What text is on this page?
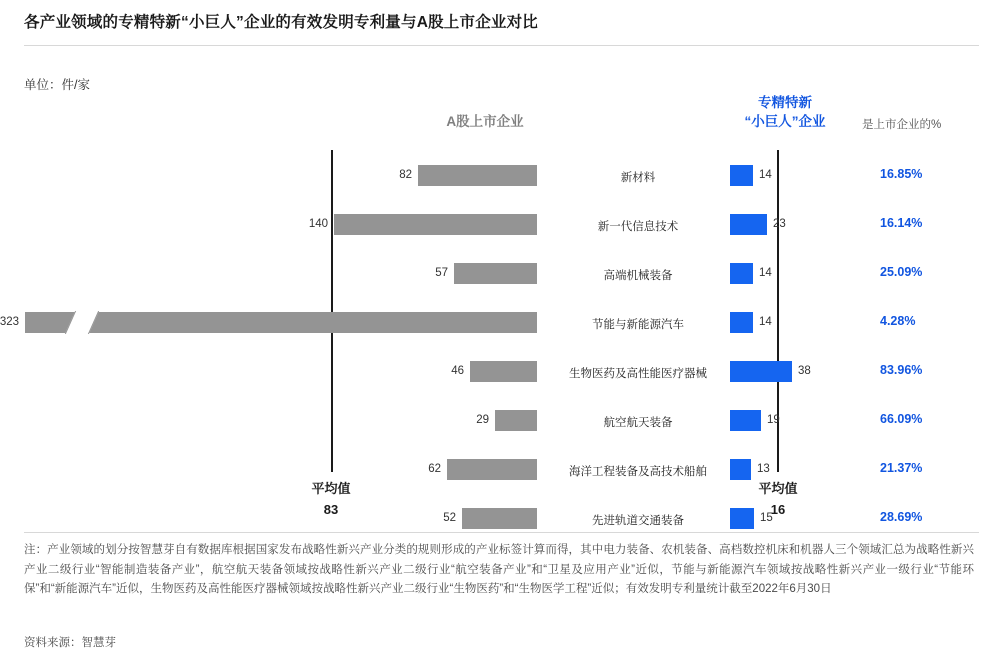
各产业领域的专精特新“小巨人”企业的有效发明专利量与A股上市企业对比
单位：件/家
A股上市企业
专精特新
“小巨人”企业	是上市企业的%
平均值
83
平均值
16
82	新材料	14	16.85%
140	新一代信息技术	23	16.14%
57	高端机械装备	14	25.09%
323	节能与新能源汽车	14	4.28%
46	生物医药及高性能医疗器械	38	83.96%
29	航空航天装备	19	66.09%
62	海洋工程装备及高技术船舶	13	21.37%
52	先进轨道交通装备	15	28.69%
注：产业领域的划分按智慧芽自有数据库根据国家发布战略性新兴产业分类的规则形成的产业标签计算而得，其中电力装备、农机装备、高档数控机床和机器人三个领域汇总为战略性新兴产业二级行业“智能制造装备产业”，航空航天装备领域按战略性新兴产业二级行业“航空装备产业”和“卫星及应用产业”近似，节能与新能源汽车领域按战略性新兴产业一级行业“节能环保”和“新能源汽车”近似，生物医药及高性能医疗器械领域按战略性新兴产业二级行业“生物医药”和“生物医学工程”近似；有效发明专利量统计截至2022年6月30日
资料来源：智慧芽
